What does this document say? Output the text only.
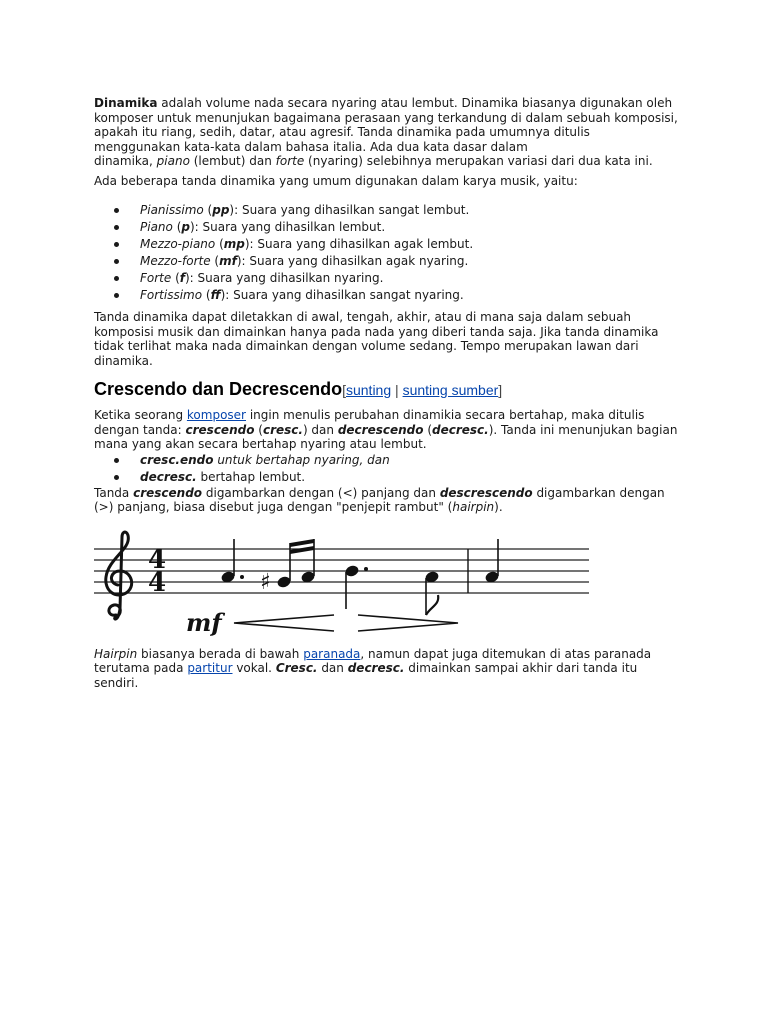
Dinamika adalah volume nada secara nyaring atau lembut. Dinamika biasanya digunakan oleh
komposer untuk menunjukan bagaimana perasaan yang terkandung di dalam sebuah komposisi,
apakah itu riang, sedih, datar, atau agresif. Tanda dinamika pada umumnya ditulis
menggunakan kata-kata dalam bahasa italia. Ada dua kata dasar dalam
dinamika, piano (lembut) dan forte (nyaring) selebihnya merupakan variasi dari dua kata ini.

Ada beberapa tanda dinamika yang umum digunakan dalam karya musik, yaitu:

Pianissimo (pp): Suara yang dihasilkan sangat lembut.
Piano (p): Suara yang dihasilkan lembut.
Mezzo-piano (mp): Suara yang dihasilkan agak lembut.
Mezzo-forte (mf): Suara yang dihasilkan agak nyaring.
Forte (f): Suara yang dihasilkan nyaring.
Fortissimo (ff): Suara yang dihasilkan sangat nyaring.

Tanda dinamika dapat diletakkan di awal, tengah, akhir, atau di mana saja dalam sebuah
komposisi musik dan dimainkan hanya pada nada yang diberi tanda saja. Jika tanda dinamika
tidak terlihat maka nada dimainkan dengan volume sedang. Tempo merupakan lawan dari
dinamika.

Crescendo dan Decrescendo[sunting | sunting sumber]

Ketika seorang komposer ingin menulis perubahan dinamikia secara bertahap, maka ditulis
dengan tanda: crescendo (cresc.) dan decrescendo (decresc.). Tanda ini menunjukan bagian
mana yang akan secara bertahap nyaring atau lembut.

cresc.endo untuk bertahap nyaring, dan
decresc. bertahap lembut.

Tanda crescendo digambarkan dengan (<) panjang dan descrescendo digambarkan dengan
(>) panjang, biasa disebut juga dengan "penjepit rambut" (hairpin).

4
4	♯
mf

Hairpin biasanya berada di bawah paranada, namun dapat juga ditemukan di atas paranada
terutama pada partitur vokal. Cresc. dan decresc. dimainkan sampai akhir dari tanda itu sendiri.
